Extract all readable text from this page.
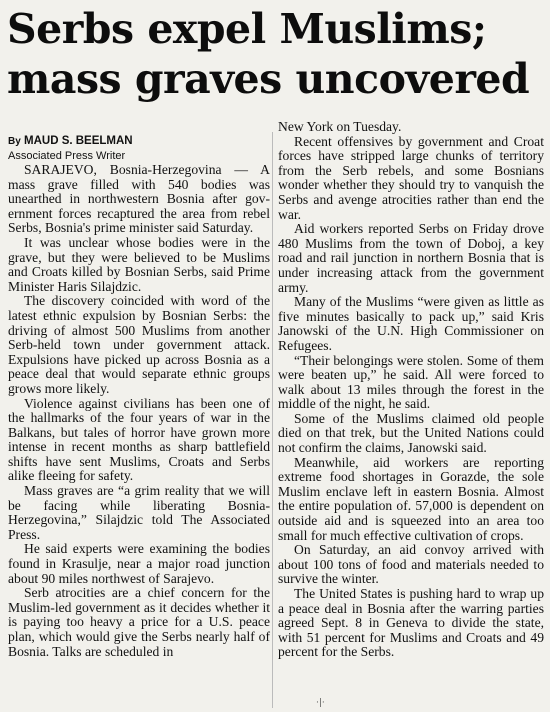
Serbs expel Muslims;
mass graves uncovered

By MAUD S. BEELMAN

Associated Press Writer

SARAJEVO, Bosnia-Herzegovina — A mass grave filled with 540 bodies was unearthed in northwestern Bosnia after government forces recaptured the area from rebel Serbs, Bosnia's prime minister said Saturday.

It was unclear whose bodies were in the grave, but they were believed to be Muslims and Croats killed by Bosnian Serbs, said Prime Minister Haris Silajdzic.

The discovery coincided with word of the latest ethnic expulsion by Bosnian Serbs: the driving of almost 500 Muslims from another Serb-held town under government attack. Expulsions have picked up across Bosnia as a peace deal that would separate ethnic groups grows more likely.

Violence against civilians has been one of the hallmarks of the four years of war in the Balkans, but tales of horror have grown more intense in recent months as sharp battlefield shifts have sent Muslims, Croats and Serbs alike fleeing for safety.

Mass graves are “a grim reality that we will be facing while liberating Bosnia-Herzegovina,” Silajdzic told The Associated Press.

He said experts were examining the bodies found in Krasulje, near a major road junction about 90 miles northwest of Sarajevo.

Serb atrocities are a chief concern for the Muslim-led government as it decides whether it is paying too heavy a price for a U.S. peace plan, which would give the Serbs nearly half of Bosnia. Talks are scheduled in

New York on Tuesday.

Recent offensives by government and Croat forces have stripped large chunks of territory from the Serb rebels, and some Bosnians wonder whether they should try to vanquish the Serbs and avenge atrocities rather than end the war.

Aid workers reported Serbs on Friday drove 480 Muslims from the town of Doboj, a key road and rail junction in northern Bosnia that is under increasing attack from the government army.

Many of the Muslims “were given as little as five minutes basically to pack up,” said Kris Janowski of the U.N. High Commissioner on Refugees.

“Their belongings were stolen. Some of them were beaten up,” he said. All were forced to walk about 13 miles through the forest in the middle of the night, he said.

Some of the Muslims claimed old people died on that trek, but the United Nations could not confirm the claims, Janowski said.

Meanwhile, aid workers are reporting extreme food shortages in Gorazde, the sole Muslim enclave left in eastern Bosnia. Almost the entire population of. 57,000 is dependent on outside aid and is squeezed into an area too small for much effective cultivation of crops.

On Saturday, an aid convoy arrived with about 100 tons of food and materials needed to survive the winter.

The United States is pushing hard to wrap up a peace deal in Bosnia after the warring parties agreed Sept. 8 in Geneva to divide the state, with 51 percent for Muslims and Croats and 49 percent for the Serbs.

·|·
